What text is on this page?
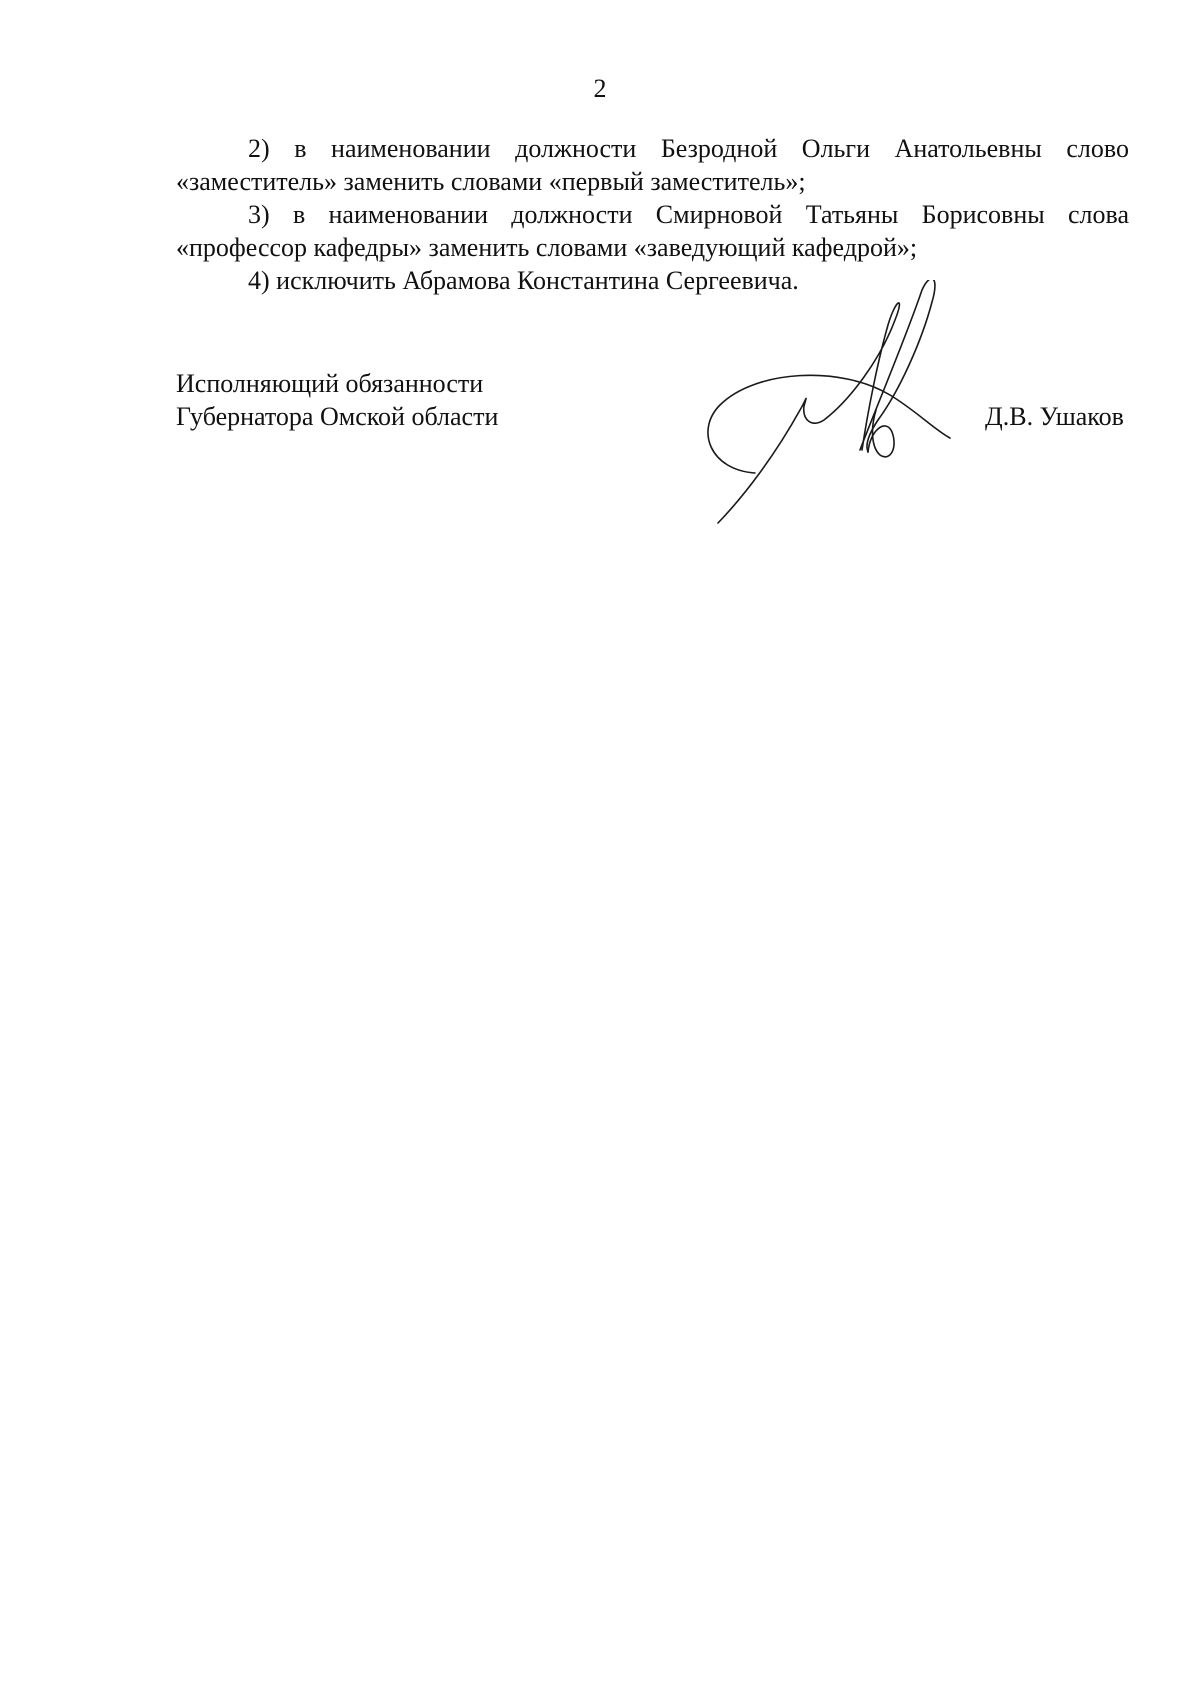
2

2) в наименовании должности Безродной Ольги Анатольевны слово «заместитель» заменить словами «первый заместитель»;

3) в наименовании должности Смирновой Татьяны Борисовны слова «профессор кафедры» заменить словами «заведующий кафедрой»;

4) исключить Абрамова Константина Сергеевича.

Исполняющий обязанности
Губернатора Омской области	Д.В. Ушаков
